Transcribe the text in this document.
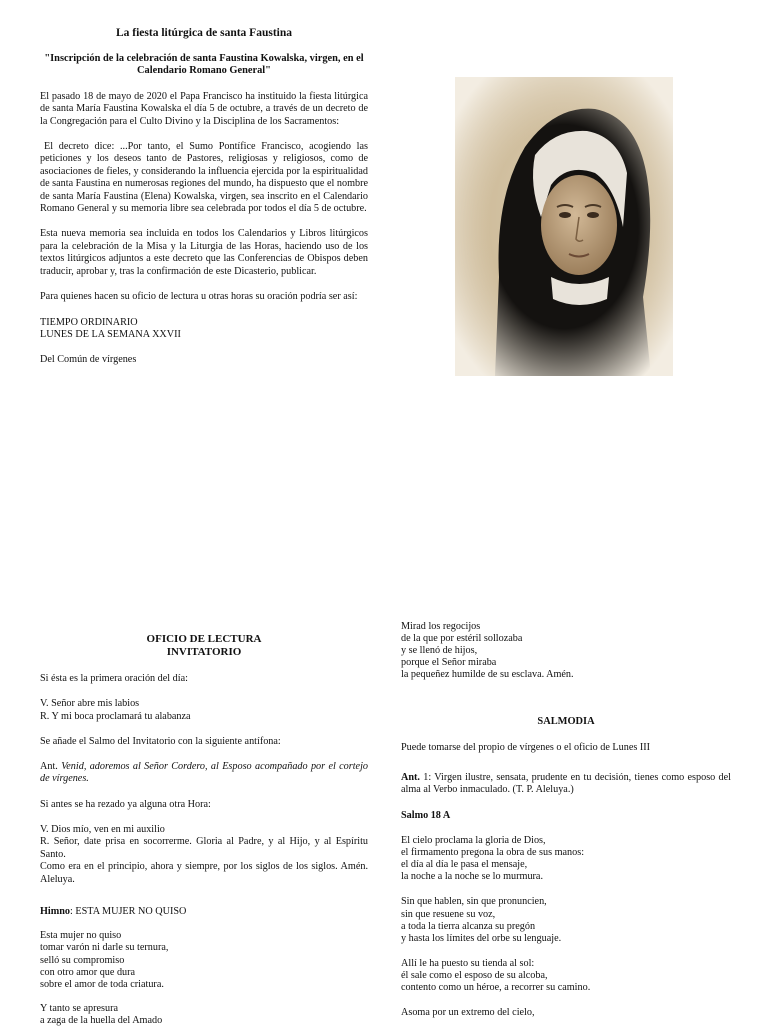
La fiesta litúrgica de santa Faustina

"Inscripción de la celebración de santa Faustina Kowalska, virgen, en el Calendario Romano General"

El pasado 18 de mayo de 2020 el Papa Francisco ha instituido la fiesta litúrgica de santa María Faustina Kowalska el día 5 de octubre, a través de un decreto de la Congregación para el Culto Divino y la Disciplina de los Sacramentos:

El decreto dice: ...Por tanto, el Sumo Pontífice Francisco, acogiendo las peticiones y los deseos tanto de Pastores, religiosas y religiosos, como de asociaciones de fieles, y considerando la influencia ejercida por la espiritualidad de santa Faustina en numerosas regiones del mundo, ha dispuesto que el nombre de santa María Faustina (Elena) Kowalska, virgen, sea inscrito en el Calendario Romano General y su memoria libre sea celebrada por todos el día 5 de octubre.

Esta nueva memoria sea incluida en todos los Calendarios y Libros litúrgicos para la celebración de la Misa y la Liturgia de las Horas, haciendo uso de los textos litúrgicos adjuntos a este decreto que las Conferencias de Obispos deben traducir, aprobar y, tras la confirmación de este Dicasterio, publicar.

Para quienes hacen su oficio de lectura u otras horas su oración podría ser así:

TIEMPO ORDINARIO
LUNES DE LA SEMANA XXVII

Del Común de vírgenes

OFICIO DE LECTURA

INVITATORIO

Si ésta es la primera oración del día:

V. Señor abre mis labios
R. Y mi boca proclamará tu alabanza

Se añade el Salmo del Invitatorio con la siguiente antífona:

Ant. Venid, adoremos al Señor Cordero, al Esposo acompañado por el cortejo de vírgenes.

Si antes se ha rezado ya alguna otra Hora:

V. Dios mío, ven en mi auxilio

R. Señor, date prisa en socorrerme. Gloria al Padre, y al Hijo, y al Espíritu Santo.

Como era en el principio, ahora y siempre, por los siglos de los siglos. Amén. Aleluya.

Himno: ESTA MUJER NO QUISO

Esta mujer no quiso
tomar varón ni darle su ternura,
selló su compromiso
con otro amor que dura
sobre el amor de toda criatura.

Y tanto se apresura
a zaga de la huella del Amado

Mirad los regocijos
de la que por estéril sollozaba
y se llenó de hijos,
porque el Señor miraba
la pequeñez humilde de su esclava. Amén.

SALMODIA

Puede tomarse del propio de vírgenes o el oficio de Lunes III

Ant. 1: Virgen ilustre, sensata, prudente en tu decisión, tienes como esposo del alma al Verbo inmaculado. (T. P. Aleluya.)

Salmo 18 A

El cielo proclama la gloria de Dios,
el firmamento pregona la obra de sus manos:
el día al día le pasa el mensaje,
la noche a la noche se lo murmura.

Sin que hablen, sin que pronuncien,
sin que resuene su voz,
a toda la tierra alcanza su pregón
y hasta los límites del orbe su lenguaje.

Allí le ha puesto su tienda al sol:
él sale como el esposo de su alcoba,
contento como un héroe, a recorrer su camino.

Asoma por un extremo del cielo,
